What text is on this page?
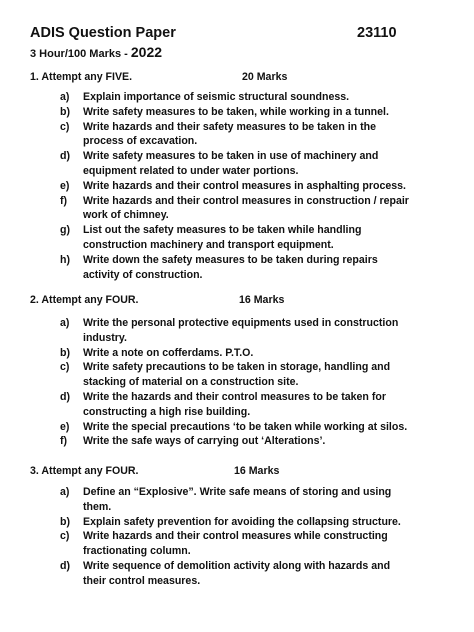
ADIS Question Paper	23110
3 Hour/100 Marks - 2022
1. Attempt any FIVE.	20 Marks
a) Explain importance of seismic structural soundness.
b) Write safety measures to be taken, while working in a tunnel.
c) Write hazards and their safety measures to be taken in the process of excavation.
d) Write safety measures to be taken in use of machinery and equipment related to under water portions.
e) Write hazards and their control measures in asphalting process.
f) Write hazards and their control measures in construction / repair work of chimney.
g) List out the safety measures to be taken while handling construction machinery and transport equipment.
h) Write down the safety measures to be taken during repairs activity of construction.
2. Attempt any FOUR.	16 Marks
a) Write the personal protective equipments used in construction industry.
b) Write a note on cofferdams. P.T.O.
c) Write safety precautions to be taken in storage, handling and stacking of material on a construction site.
d) Write the hazards and their control measures to be taken for constructing a high rise building.
e) Write the special precautions ‘to be taken while working at silos.
f) Write the safe ways of carrying out ‘Alterations’.
3. Attempt any FOUR.	16 Marks
a) Define an “Explosive”. Write safe means of storing and using them.
b) Explain safety prevention for avoiding the collapsing structure.
c) Write hazards and their control measures while constructing fractionating column.
d) Write sequence of demolition activity along with hazards and their control measures.
